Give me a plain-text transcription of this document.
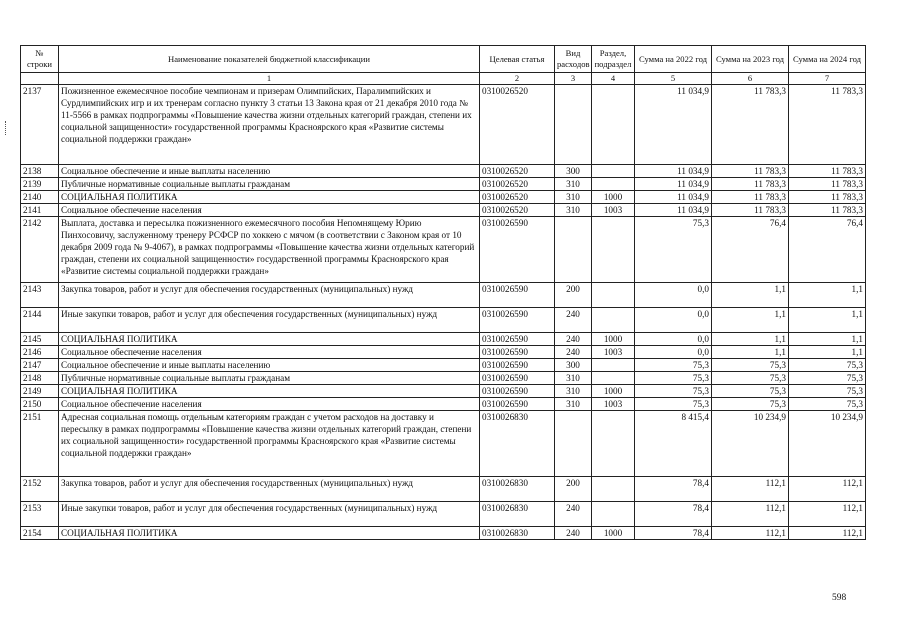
№ строки	Наименование показателей бюджетной классификации	Целевая статья	Вид расходов	Раздел, подраздел	Сумма на 2022 год	Сумма на 2023 год	Сумма на 2024 год
	1	2	3	4	5	6	7
2137	Пожизненное ежемесячное пособие чемпионам и призерам Олимпийских, Паралимпийских и Сурдлимпийских игр и их тренерам согласно пункту 3 статьи 13 Закона края от 21 декабря 2010 года № 11-5566 в рамках подпрограммы «Повышение качества жизни отдельных категорий граждан, степени их социальной защищенности» государственной программы Красноярского края «Развитие системы социальной поддержки граждан»	0310026520			11 034,9	11 783,3	11 783,3
2138	Социальное обеспечение и иные выплаты населению	0310026520	300		11 034,9	11 783,3	11 783,3
2139	Публичные нормативные социальные выплаты гражданам	0310026520	310		11 034,9	11 783,3	11 783,3
2140	СОЦИАЛЬНАЯ ПОЛИТИКА	0310026520	310	1000	11 034,9	11 783,3	11 783,3
2141	Социальное обеспечение населения	0310026520	310	1003	11 034,9	11 783,3	11 783,3
2142	Выплата, доставка и пересылка пожизненного ежемесячного пособия Непомнящему Юрию Пинхосовичу, заслуженному тренеру РСФСР по хоккею с мячом (в соответствии с Законом края от 10 декабря 2009 года № 9-4067), в рамках подпрограммы «Повышение качества жизни отдельных категорий граждан, степени их социальной защищенности» государственной программы Красноярского края «Развитие системы социальной поддержки граждан»	0310026590			75,3	76,4	76,4
2143	Закупка товаров, работ и услуг для обеспечения государственных (муниципальных) нужд	0310026590	200		0,0	1,1	1,1
2144	Иные закупки товаров, работ и услуг для обеспечения государственных (муниципальных) нужд	0310026590	240		0,0	1,1	1,1
2145	СОЦИАЛЬНАЯ ПОЛИТИКА	0310026590	240	1000	0,0	1,1	1,1
2146	Социальное обеспечение населения	0310026590	240	1003	0,0	1,1	1,1
2147	Социальное обеспечение и иные выплаты населению	0310026590	300		75,3	75,3	75,3
2148	Публичные нормативные социальные выплаты гражданам	0310026590	310		75,3	75,3	75,3
2149	СОЦИАЛЬНАЯ ПОЛИТИКА	0310026590	310	1000	75,3	75,3	75,3
2150	Социальное обеспечение населения	0310026590	310	1003	75,3	75,3	75,3
2151	Адресная социальная помощь отдельным категориям граждан с учетом расходов на доставку и пересылку в рамках подпрограммы «Повышение качества жизни отдельных категорий граждан, степени их социальной защищенности» государственной программы Красноярского края «Развитие системы социальной поддержки граждан»	0310026830			8 415,4	10 234,9	10 234,9
2152	Закупка товаров, работ и услуг для обеспечения государственных (муниципальных) нужд	0310026830	200		78,4	112,1	112,1
2153	Иные закупки товаров, работ и услуг для обеспечения государственных (муниципальных) нужд	0310026830	240		78,4	112,1	112,1
2154	СОЦИАЛЬНАЯ ПОЛИТИКА	0310026830	240	1000	78,4	112,1	112,1
598
